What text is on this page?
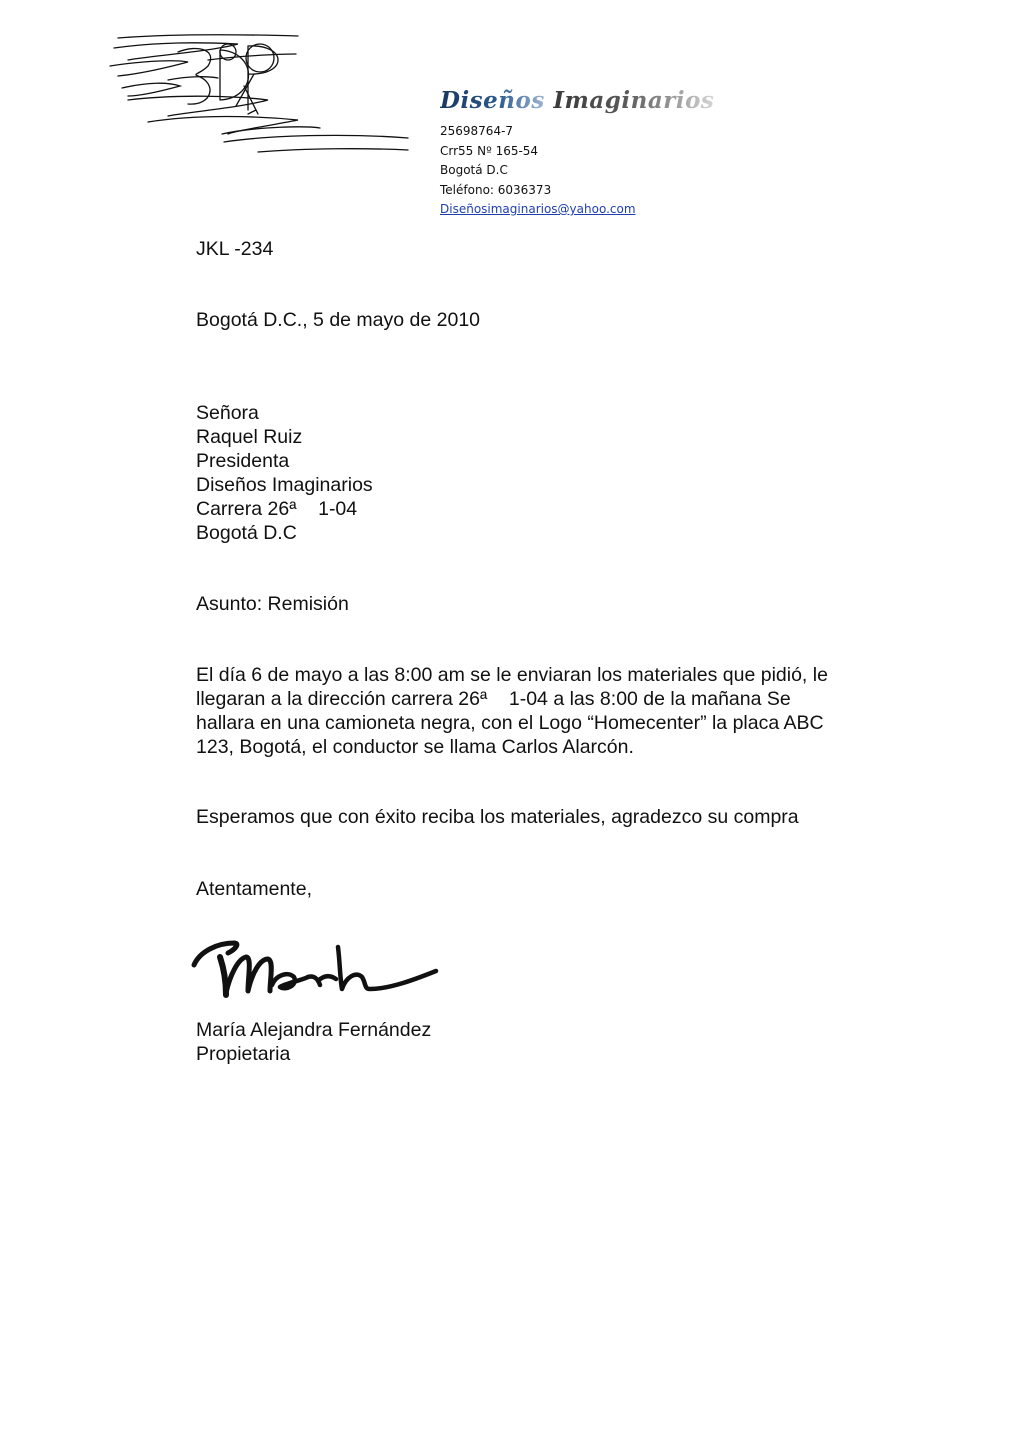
Diseños Imaginarios
25698764-7
Crr55 Nº 165-54
Bogotá D.C
Teléfono: 6036373
Diseñosimaginarios@yahoo.com
JKL -234
Bogotá D.C., 5 de mayo de 2010
Señora
Raquel Ruiz
Presidenta
Diseños Imaginarios
Carrera 26ª    1-04
Bogotá D.C
Asunto: Remisión
El día 6 de mayo a las 8:00 am se le enviaran los materiales que pidió, le
llegaran a la dirección carrera 26ª    1-04 a las 8:00 de la mañana Se
hallara en una camioneta negra, con el Logo “Homecenter” la placa ABC
123, Bogotá, el conductor se llama Carlos Alarcón.
Esperamos que con éxito reciba los materiales, agradezco su compra
Atentamente,
María Alejandra Fernández
Propietaria
